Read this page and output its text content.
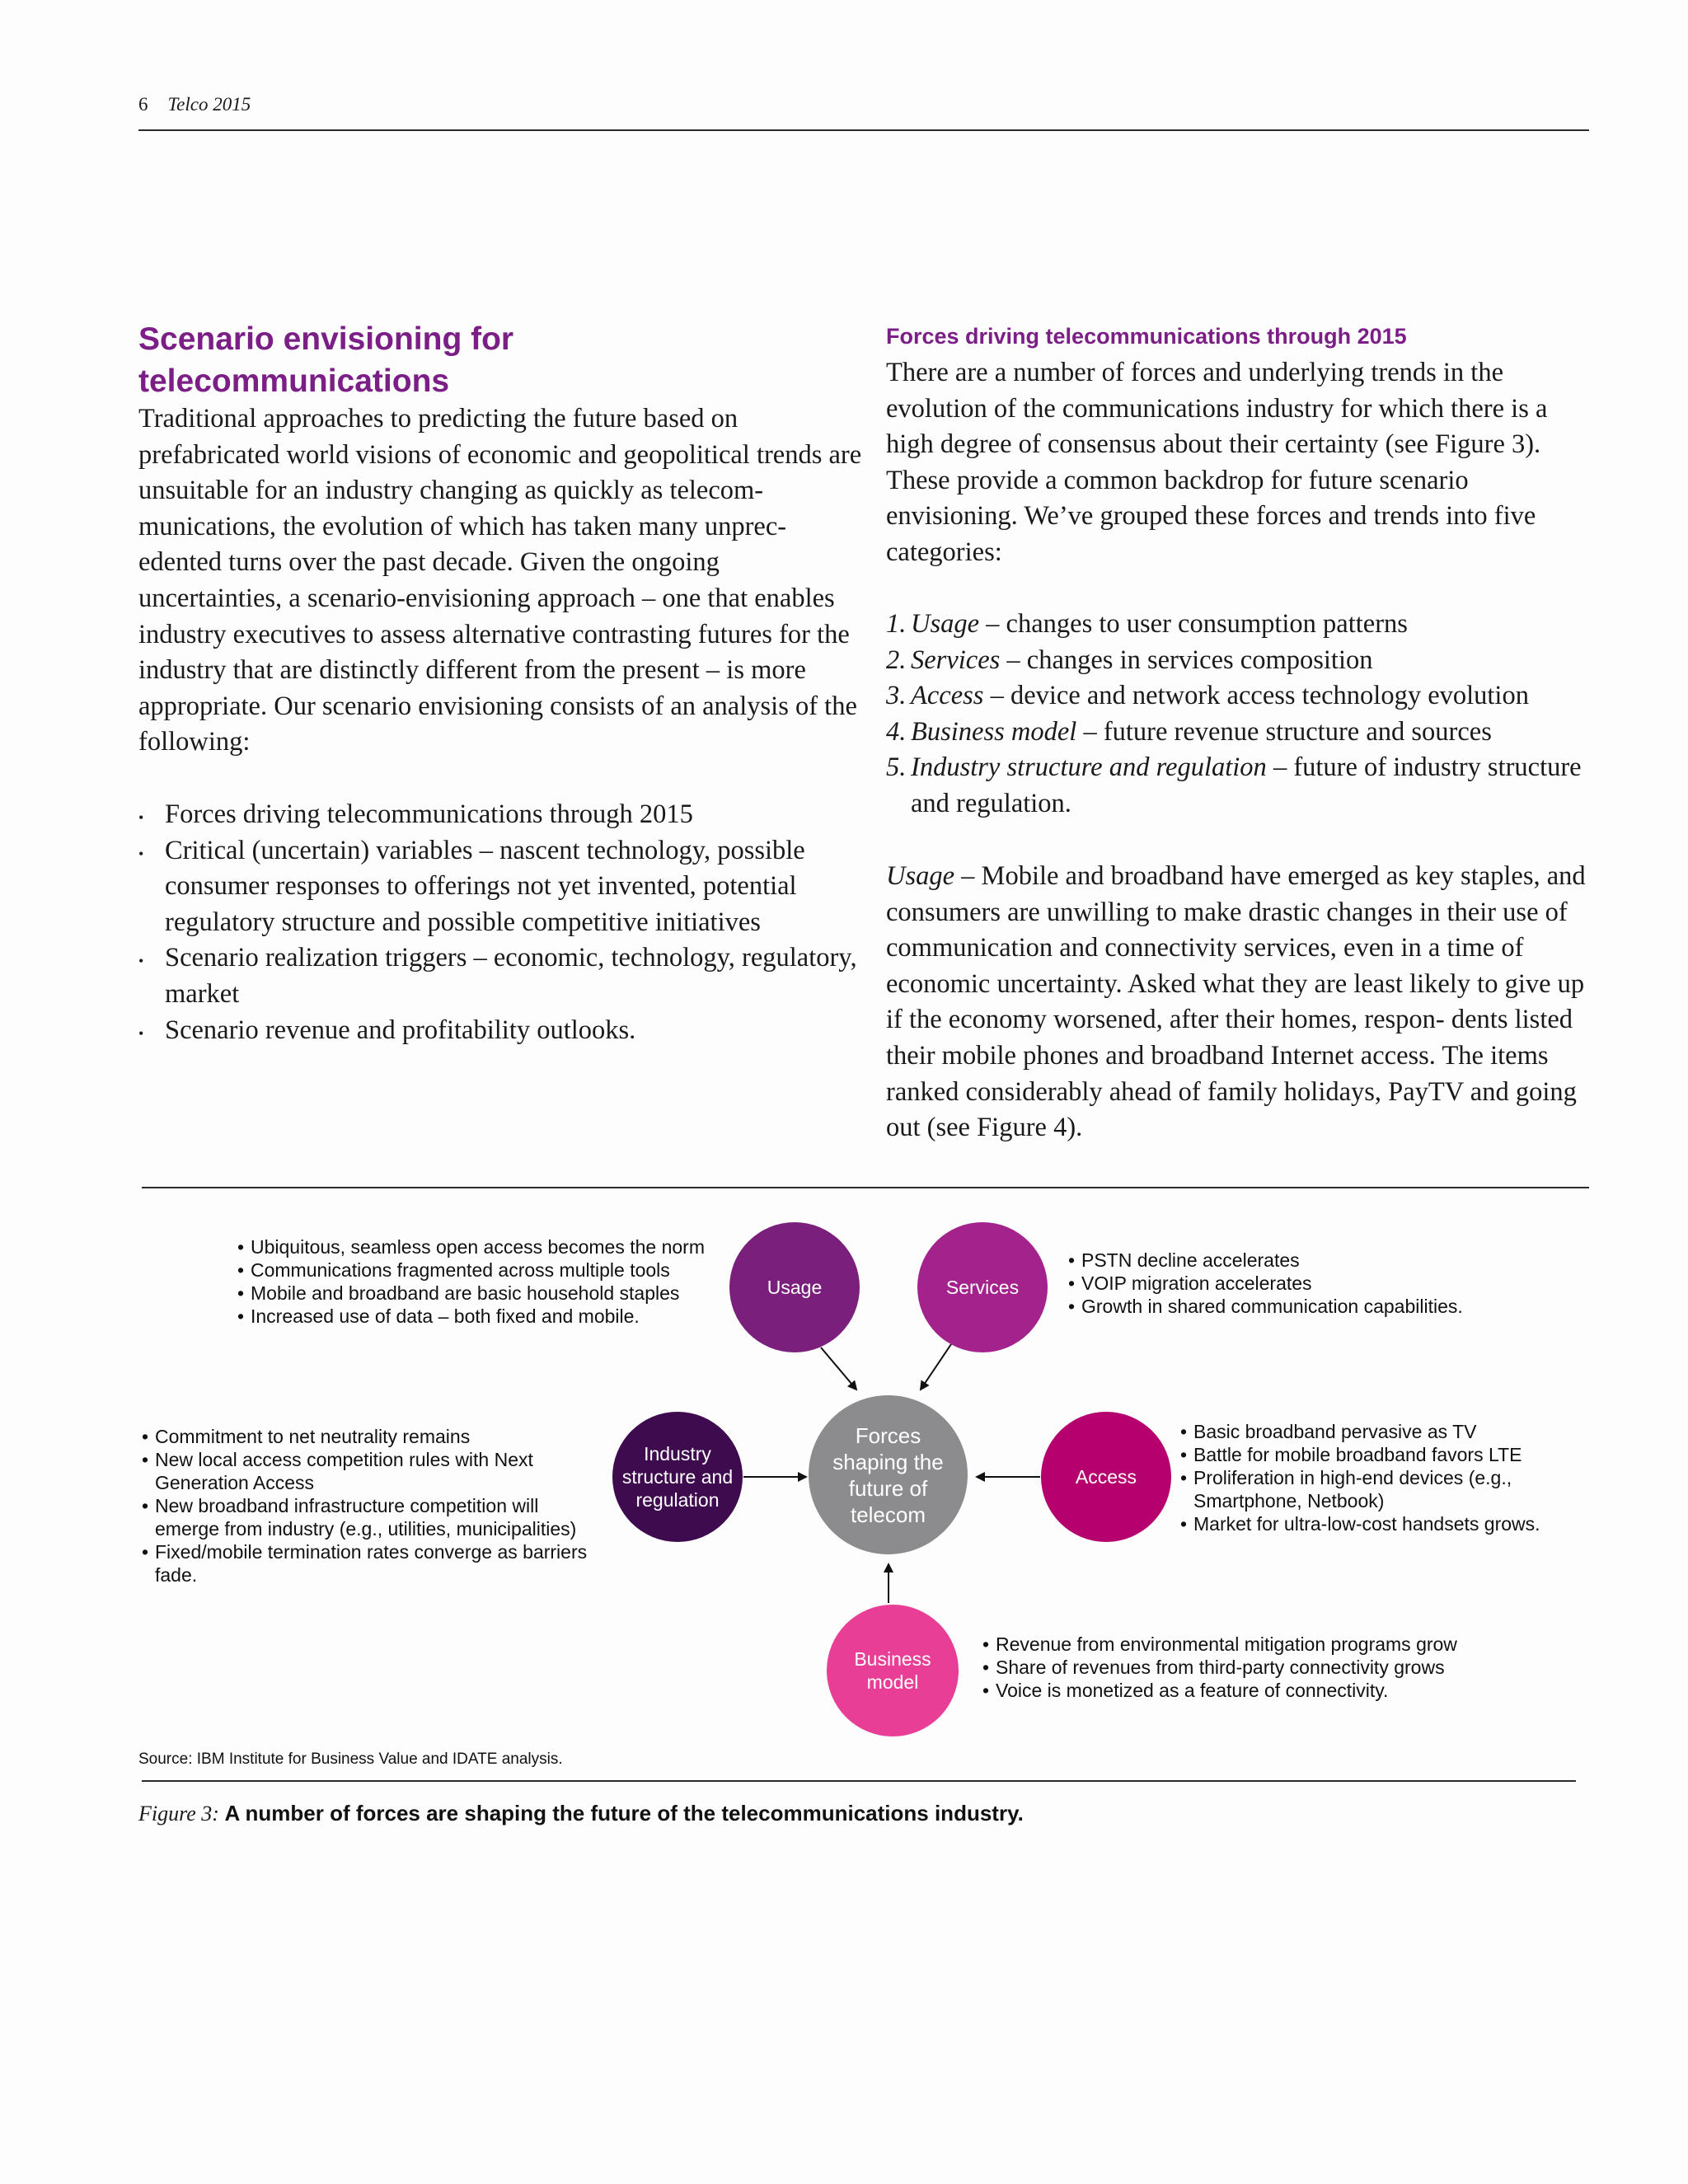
6 Telco 2015
Scenario envisioning for
telecommunications
Traditional approaches to predicting the future based on prefabricated world visions of economic and geopolitical trends are unsuitable for an industry changing as quickly as telecom- munications, the evolution of which has taken many unprec- edented turns over the past decade. Given the ongoing uncertainties, a scenario-envisioning approach – one that enables industry executives to assess alternative contrasting futures for the industry that are distinctly different from the present – is more appropriate. Our scenario envisioning consists of an analysis of the following:
• Forces driving telecommunications through 2015
• Critical (uncertain) variables – nascent technology, possible consumer responses to offerings not yet invented, potential regulatory structure and possible competitive initiatives
• Scenario realization triggers – economic, technology, regulatory, market
• Scenario revenue and profitability outlooks.
Forces driving telecommunications through 2015
There are a number of forces and underlying trends in the evolution of the communications industry for which there is a high degree of consensus about their certainty (see Figure 3). These provide a common backdrop for future scenario envisioning. We’ve grouped these forces and trends into five categories:
1. Usage – changes to user consumption patterns
2. Services – changes in services composition
3. Access – device and network access technology evolution
4. Business model – future revenue structure and sources
5. Industry structure and regulation – future of industry structure and regulation.
Usage – Mobile and broadband have emerged as key staples, and consumers are unwilling to make drastic changes in their use of communication and connectivity services, even in a time of economic uncertainty. Asked what they are least likely to give up if the economy worsened, after their homes, respon- dents listed their mobile phones and broadband Internet access. The items ranked considerably ahead of family holidays, PayTV and going out (see Figure 4).
Usage	Services
Forces
shaping the
future of
telecom
Industry
structure and
regulation
Access
Business
model
• Ubiquitous, seamless open access becomes the norm
• Communications fragmented across multiple tools
• Mobile and broadband are basic household staples
• Increased use of data – both fixed and mobile.
• PSTN decline accelerates
• VOIP migration accelerates
• Growth in shared communication capabilities.
• Commitment to net neutrality remains
• New local access competition rules with Next Generation Access
• New broadband infrastructure competition will emerge from industry (e.g., utilities, municipalities)
• Fixed/mobile termination rates converge as barriers fade.
• Basic broadband pervasive as TV
• Battle for mobile broadband favors LTE
• Proliferation in high-end devices (e.g., Smartphone, Netbook)
• Market for ultra-low-cost handsets grows.
• Revenue from environmental mitigation programs grow
• Share of revenues from third-party connectivity grows
• Voice is monetized as a feature of connectivity.
Source: IBM Institute for Business Value and IDATE analysis.
Figure 3: A number of forces are shaping the future of the telecommunications industry.
